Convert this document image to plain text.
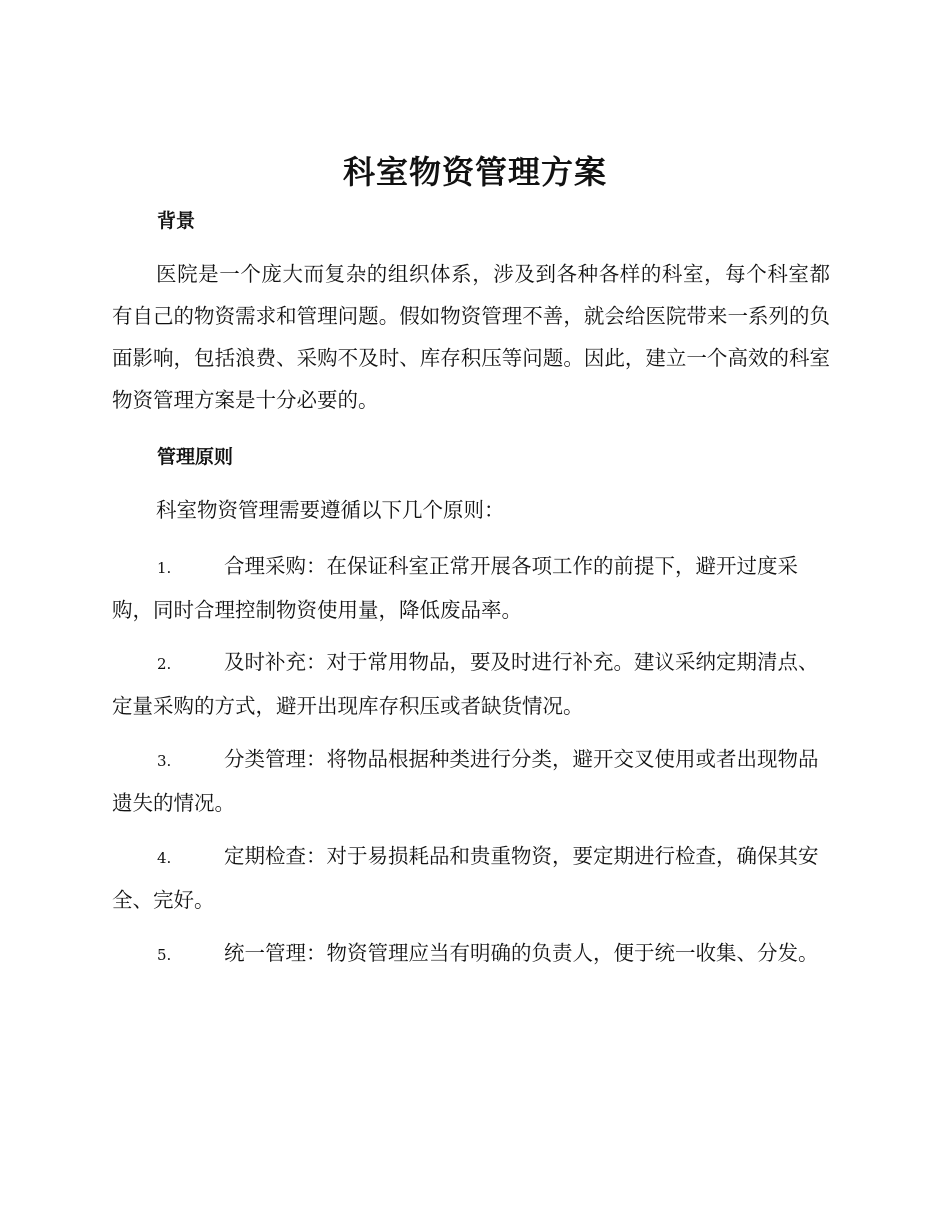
科室物资管理方案
背景
医院是一个庞大而复杂的组织体系，涉及到各种各样的科室，每个科室都有自己的物资需求和管理问题。假如物资管理不善，就会给医院带来一系列的负面影响，包括浪费、采购不及时、库存积压等问题。因此，建立一个高效的科室物资管理方案是十分必要的。
管理原则
科室物资管理需要遵循以下几个原则：
1.	合理采购：在保证科室正常开展各项工作的前提下，避开过度采购，同时合理控制物资使用量，降低废品率。
2.	及时补充：对于常用物品，要及时进行补充。建议采纳定期清点、定量采购的方式，避开出现库存积压或者缺货情况。
3.	分类管理：将物品根据种类进行分类，避开交叉使用或者出现物品遗失的情况。
4.	定期检查：对于易损耗品和贵重物资，要定期进行检查，确保其安全、完好。
5.	统一管理：物资管理应当有明确的负责人，便于统一收集、分发。
